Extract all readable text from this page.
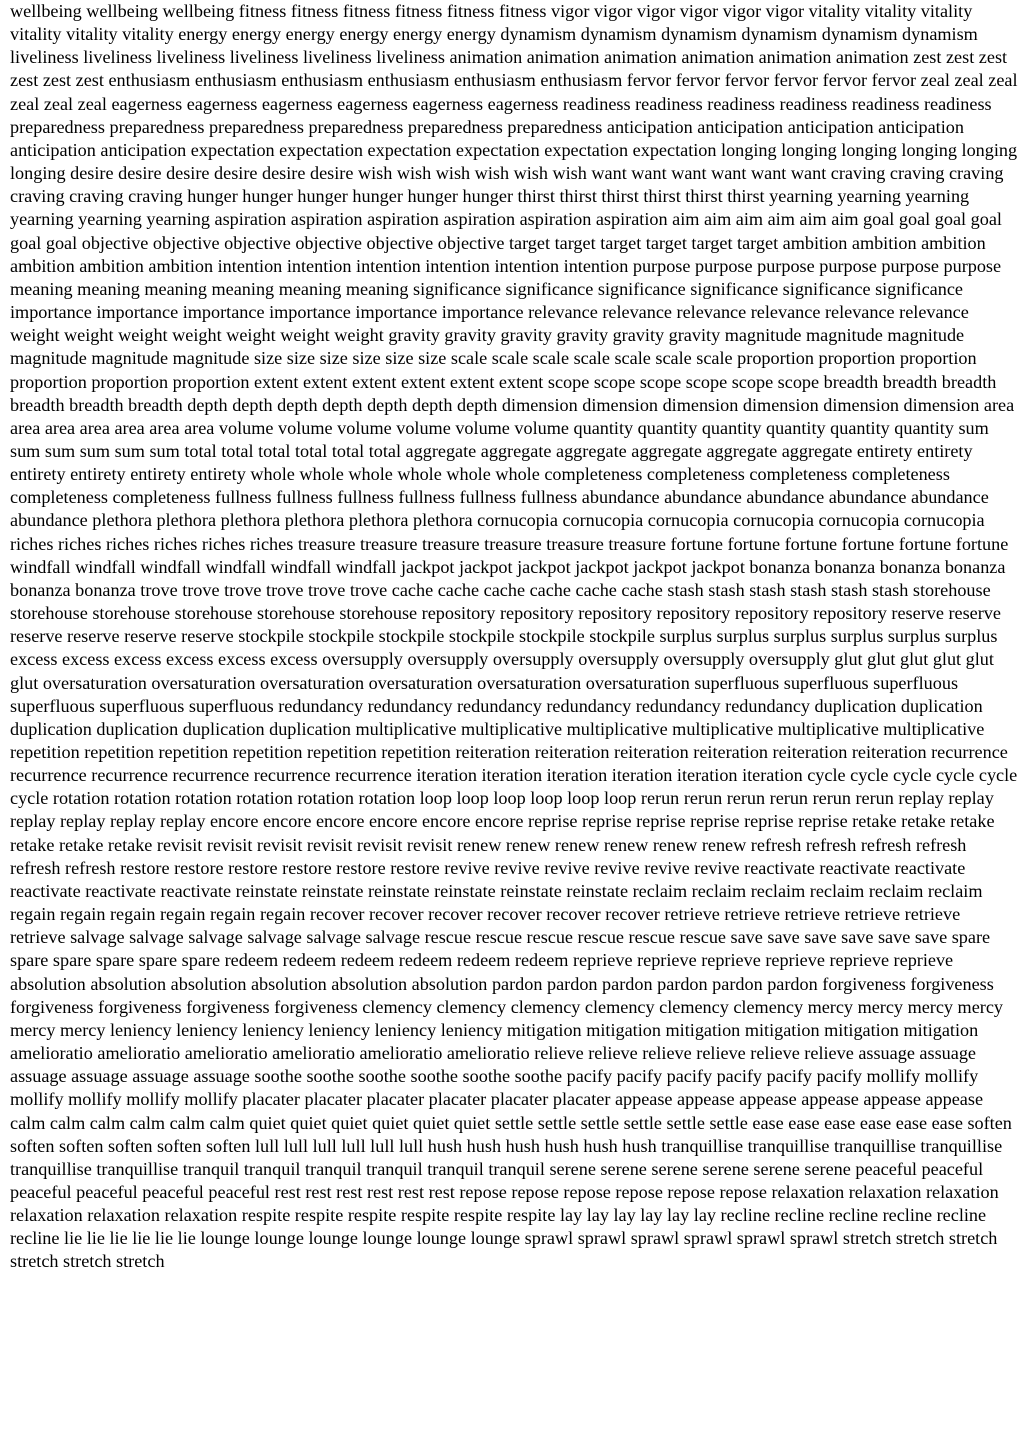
wellbeing wellbeing wellbeing fitness fitness fitness fitness fitness fitness vigor vigor vigor vigor vigor vigor vitality vitality vitality vitality vitality vitality energy energy energy energy energy energy dynamism dynamism dynamism dynamism dynamism dynamism liveliness liveliness liveliness liveliness liveliness liveliness animation animation animation animation animation animation zest zest zest zest zest zest enthusiasm enthusiasm enthusiasm enthusiasm enthusiasm enthusiasm fervor fervor fervor fervor fervor fervor zeal zeal zeal zeal zeal zeal eagerness eagerness eagerness eagerness eagerness eagerness readiness readiness readiness readiness readiness readiness preparedness preparedness preparedness preparedness preparedness preparedness anticipation anticipation anticipation anticipation anticipation anticipation expectation expectation expectation expectation expectation expectation longing longing longing longing longing longing desire desire desire desire desire desire wish wish wish wish wish wish want want want want want want craving craving craving craving craving craving hunger hunger hunger hunger hunger hunger thirst thirst thirst thirst thirst thirst yearning yearning yearning yearning yearning yearning aspiration aspiration aspiration aspiration aspiration aspiration aim aim aim aim aim aim goal goal goal goal goal goal objective objective objective objective objective objective target target target target target target ambition ambition ambition ambition ambition ambition intention intention intention intention intention intention purpose purpose purpose purpose purpose purpose meaning meaning meaning meaning meaning meaning significance significance significance significance significance significance importance importance importance importance importance importance relevance relevance relevance relevance relevance relevance weight weight weight weight weight weight weight gravity gravity gravity gravity gravity gravity magnitude magnitude magnitude magnitude magnitude magnitude size size size size size size scale scale scale scale scale scale scale proportion proportion proportion proportion proportion proportion extent extent extent extent extent extent scope scope scope scope scope scope breadth breadth breadth breadth breadth breadth depth depth depth depth depth depth depth dimension dimension dimension dimension dimension dimension area area area area area area area volume volume volume volume volume volume quantity quantity quantity quantity quantity quantity sum sum sum sum sum sum total total total total total total aggregate aggregate aggregate aggregate aggregate aggregate entirety entirety entirety entirety entirety entirety whole whole whole whole whole whole completeness completeness completeness completeness completeness completeness fullness fullness fullness fullness fullness fullness abundance abundance abundance abundance abundance abundance plethora plethora plethora plethora plethora plethora cornucopia cornucopia cornucopia cornucopia cornucopia cornucopia riches riches riches riches riches riches treasure treasure treasure treasure treasure treasure fortune fortune fortune fortune fortune fortune windfall windfall windfall windfall windfall windfall jackpot jackpot jackpot jackpot jackpot jackpot bonanza bonanza bonanza bonanza bonanza bonanza trove trove trove trove trove trove cache cache cache cache cache cache stash stash stash stash stash stash storehouse storehouse storehouse storehouse storehouse storehouse repository repository repository repository repository repository reserve reserve reserve reserve reserve reserve stockpile stockpile stockpile stockpile stockpile stockpile surplus surplus surplus surplus surplus surplus excess excess excess excess excess excess oversupply oversupply oversupply oversupply oversupply oversupply glut glut glut glut glut glut oversaturation oversaturation oversaturation oversaturation oversaturation oversaturation superfluous superfluous superfluous superfluous superfluous superfluous redundancy redundancy redundancy redundancy redundancy redundancy duplication duplication duplication duplication duplication duplication multiplicative multiplicative multiplicative multiplicative multiplicative multiplicative repetition repetition repetition repetition repetition repetition reiteration reiteration reiteration reiteration reiteration reiteration recurrence recurrence recurrence recurrence recurrence recurrence iteration iteration iteration iteration iteration iteration cycle cycle cycle cycle cycle cycle rotation rotation rotation rotation rotation rotation loop loop loop loop loop loop rerun rerun rerun rerun rerun rerun replay replay replay replay replay replay encore encore encore encore encore encore reprise reprise reprise reprise reprise reprise retake retake retake retake retake retake revisit revisit revisit revisit revisit revisit renew renew renew renew renew renew refresh refresh refresh refresh refresh refresh restore restore restore restore restore restore revive revive revive revive revive revive reactivate reactivate reactivate reactivate reactivate reactivate reinstate reinstate reinstate reinstate reinstate reinstate reclaim reclaim reclaim reclaim reclaim reclaim regain regain regain regain regain regain recover recover recover recover recover recover retrieve retrieve retrieve retrieve retrieve retrieve salvage salvage salvage salvage salvage salvage rescue rescue rescue rescue rescue rescue save save save save save save spare spare spare spare spare spare redeem redeem redeem redeem redeem redeem reprieve reprieve reprieve reprieve reprieve reprieve absolution absolution absolution absolution absolution absolution pardon pardon pardon pardon pardon pardon forgiveness forgiveness forgiveness forgiveness forgiveness forgiveness clemency clemency clemency clemency clemency clemency mercy mercy mercy mercy mercy mercy leniency leniency leniency leniency leniency leniency mitigation mitigation mitigation mitigation mitigation mitigation amelioratio amelioratio amelioratio amelioratio amelioratio amelioratio relieve relieve relieve relieve relieve relieve assuage assuage assuage assuage assuage assuage soothe soothe soothe soothe soothe soothe pacify pacify pacify pacify pacify pacify mollify mollify mollify mollify mollify mollify placater placater placater placater placater placater appease appease appease appease appease appease calm calm calm calm calm calm quiet quiet quiet quiet quiet quiet settle settle settle settle settle settle ease ease ease ease ease ease soften soften soften soften soften soften lull lull lull lull lull lull hush hush hush hush hush hush tranquillise tranquillise tranquillise tranquillise tranquillise tranquillise tranquil tranquil tranquil tranquil tranquil tranquil serene serene serene serene serene serene peaceful peaceful peaceful peaceful peaceful peaceful rest rest rest rest rest rest repose repose repose repose repose repose relaxation relaxation relaxation relaxation relaxation relaxation respite respite respite respite respite respite lay lay lay lay lay lay recline recline recline recline recline recline lie lie lie lie lie lie lounge lounge lounge lounge lounge lounge sprawl sprawl sprawl sprawl sprawl sprawl stretch stretch stretch stretch stretch stretch
